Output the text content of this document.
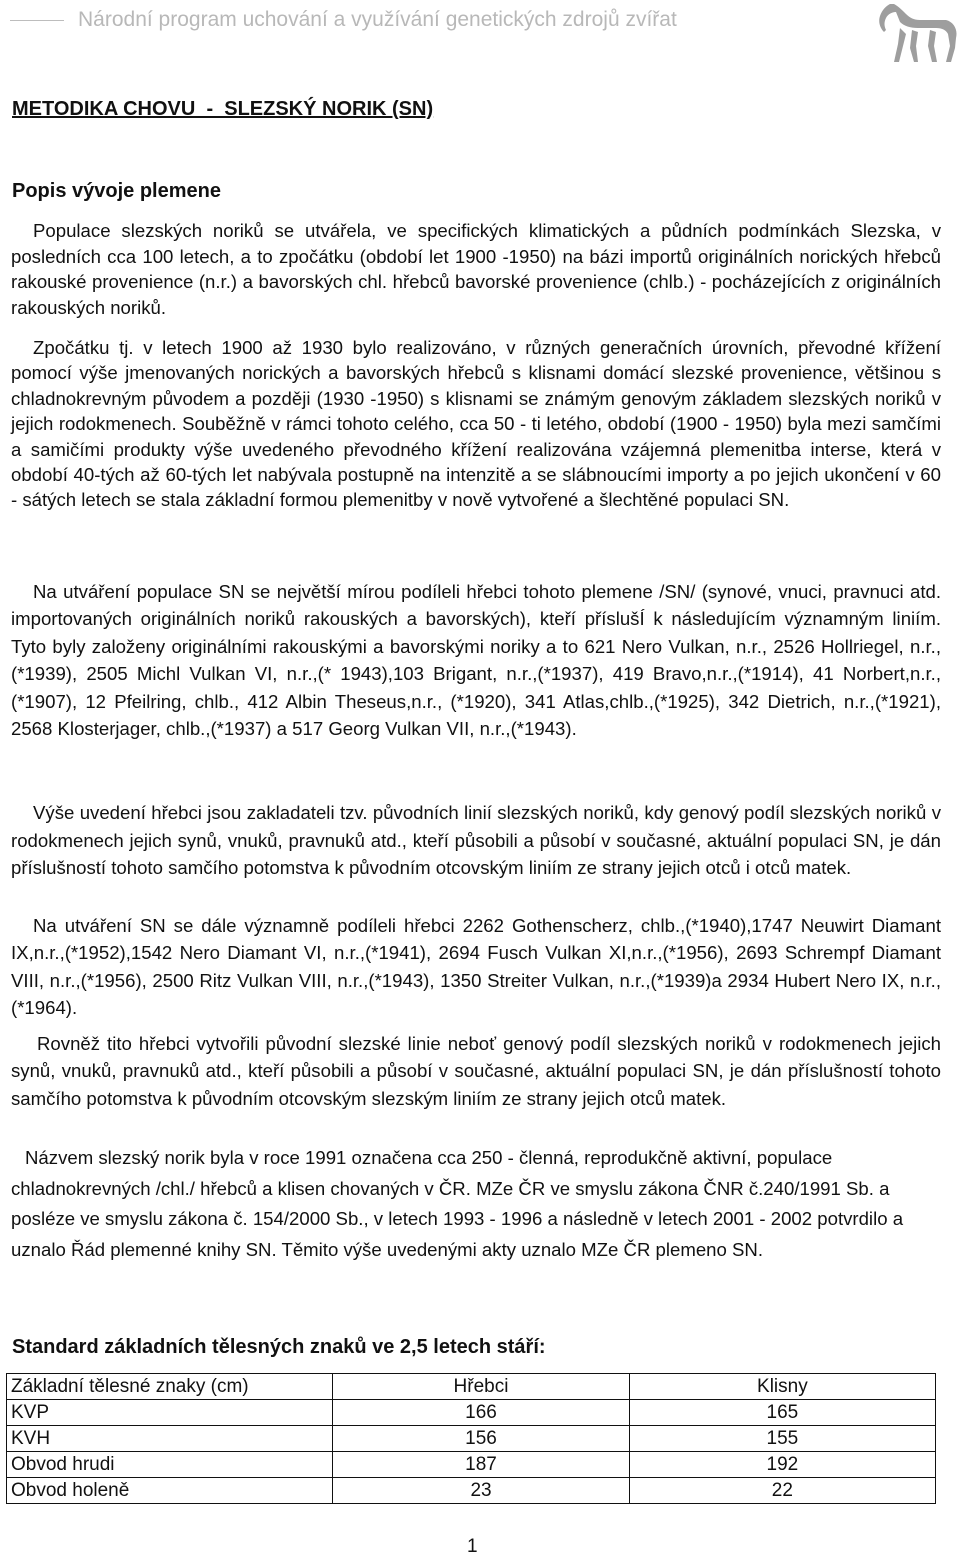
Národní program uchování a využívání genetických zdrojů zvířat
METODIKA CHOVU  -  SLEZSKÝ NORIK (SN)
Popis vývoje plemene

Populace slezských noriků se utvářela, ve specifických klimatických a půdních podmínkách Slezska, v posledních cca 100 letech, a to zpočátku (období let 1900 -1950) na bázi importů originálních norických hřebců rakouské provenience (n.r.) a bavorských chl. hřebců bavorské provenience (chlb.) - pocházejících z originálních rakouských noriků.

Zpočátku tj. v letech 1900 až 1930 bylo realizováno, v různých generačních úrovních, převodné křížení pomocí výše jmenovaných norických a bavorských hřebců s klisnami domácí slezské provenience, většinou s chladnokrevným původem a později (1930 -1950) s klisnami se známým genovým základem slezských noriků v jejich rodokmenech. Souběžně v rámci tohoto celého, cca 50 - ti letého, období (1900 - 1950) byla mezi samčími a samičími produkty výše uvedeného převodného křížení realizována vzájemná plemenitba interse, která v období 40-tých až 60-tých let nabývala postupně na intenzitě a se slábnoucími importy a po jejich ukončení v 60 - sátých letech se stala základní formou plemenitby v nově vytvořené a šlechtěné populaci SN.

Na utváření populace SN se největší mírou podíleli hřebci tohoto plemene /SN/ (synové, vnuci, pravnuci atd. importovaných originálních noriků rakouských a bavorských), kteří příslušÍ k následujícím významným liniím. Tyto byly založeny originálními rakouskými a bavorskými noriky a to 621 Nero Vulkan, n.r., 2526 Hollriegel, n.r.,(*1939), 2505 Michl Vulkan VI, n.r.,(* 1943),103 Brigant, n.r.,(*1937), 419 Bravo,n.r.,(*1914), 41 Norbert,n.r.,(*1907), 12 Pfeilring, chlb., 412 Albin Theseus,n.r., (*1920), 341 Atlas,chlb.,(*1925), 342 Dietrich, n.r.,(*1921), 2568 Klosterjager, chlb.,(*1937) a 517 Georg Vulkan VII, n.r.,(*1943).

Výše uvedení hřebci jsou zakladateli tzv. původních linií slezských noriků, kdy genový podíl slezských noriků v rodokmenech jejich synů, vnuků, pravnuků atd., kteří působili a působí v současné, aktuální populaci SN, je dán příslušností tohoto samčího potomstva k původním otcovským liniím ze strany jejich otců i otců matek.

Na utváření SN se dále významně podíleli hřebci 2262 Gothenscherz, chlb.,(*1940),1747 Neuwirt Diamant IX,n.r.,(*1952),1542 Nero Diamant VI, n.r.,(*1941), 2694 Fusch Vulkan XI,n.r.,(*1956), 2693 Schrempf Diamant VIII, n.r.,(*1956), 2500 Ritz Vulkan VIII, n.r.,(*1943), 1350 Streiter Vulkan, n.r.,(*1939)a 2934 Hubert Nero IX, n.r.,(*1964).

Rovněž tito hřebci vytvořili původní slezské linie neboť genový podíl slezských noriků v rodokmenech jejich synů, vnuků, pravnuků atd., kteří působili a působí v současné, aktuální populaci SN, je dán příslušností tohoto samčího potomstva k původním otcovským slezským liniím ze strany jejich otců matek.

Názvem slezský norik byla v roce 1991 označena cca 250 - členná, reprodukčně aktivní, populace chladnokrevných /chl./ hřebců a klisen chovaných v ČR. MZe ČR ve smyslu zákona ČNR č.240/1991 Sb. a posléze ve smyslu zákona č. 154/2000 Sb., v letech 1993 - 1996 a následně v letech 2001 - 2002 potvrdilo a uznalo Řád plemenné knihy SN. Těmito výše uvedenými akty uznalo MZe ČR plemeno SN.

Standard základních tělesných znaků ve 2,5 letech stáří:
Základní tělesné znaky (cm)	Hřebci	Klisny
KVP	166	165
KVH	156	155
Obvod hrudi	187	192
Obvod holeně	23	22
1
